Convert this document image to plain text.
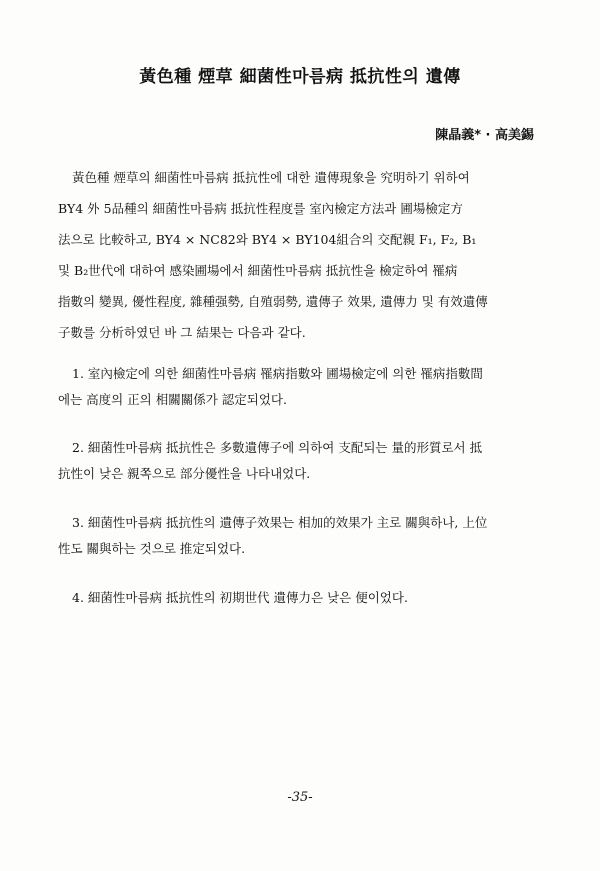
黃色種 煙草 細菌性마름病 抵抗性의 遺傳
陳晶義* · 高美錫
黃色種 煙草의 細菌性마름病 抵抗性에 대한 遺傳現象을 究明하기 위하여
BY4 外 5品種의 細菌性마름病 抵抗性程度를 室內檢定方法과 圃場檢定方
法으로 比較하고, BY4 × NC82와 BY4 × BY104組合의 交配親 F₁, F₂, B₁
및 B₂世代에 대하여 感染圃場에서 細菌性마름病 抵抗性을 檢定하여 罹病
指數의 變異, 優性程度, 雜種强勢, 自殖弱勢, 遺傳子 效果, 遺傳力 및 有效遺傳
子數를 分析하였던 바 그 結果는 다음과 같다.
1. 室內檢定에 의한 細菌性마름病 罹病指數와 圃場檢定에 의한 罹病指數間
에는 高度의 正의 相關關係가 認定되었다.
2. 細菌性마름病 抵抗性은 多數遺傳子에 의하여 支配되는 量的形質로서 抵
抗性이 낮은 親쪽으로 部分優性을 나타내었다.
3. 細菌性마름病 抵抗性의 遺傳子效果는 相加的效果가 主로 關與하나, 上位
性도 關與하는 것으로 推定되었다.
4. 細菌性마름病 抵抗性의 初期世代 遺傳力은 낮은 便이었다.
-35-
